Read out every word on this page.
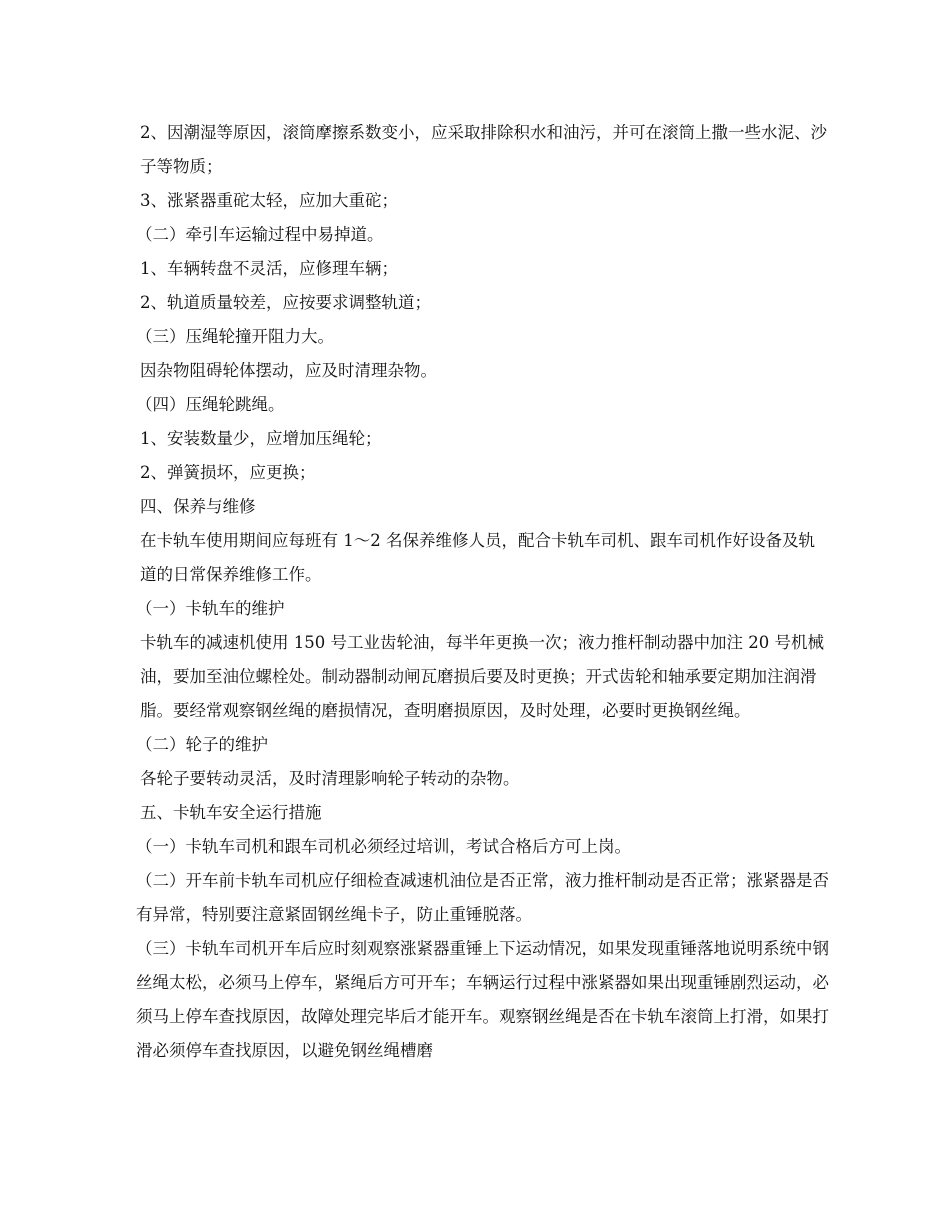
2、因潮湿等原因，滚筒摩擦系数变小，应采取排除积水和油污，并可在滚筒上撒一些水泥、沙子等物质；

3、涨紧器重砣太轻，应加大重砣；

（二）牵引车运输过程中易掉道。

1、车辆转盘不灵活，应修理车辆；

2、轨道质量较差，应按要求调整轨道；

（三）压绳轮撞开阻力大。

因杂物阻碍轮体摆动，应及时清理杂物。

（四）压绳轮跳绳。

1、安装数量少，应增加压绳轮；

2、弹簧损坏，应更换；

四、保养与维修

在卡轨车使用期间应每班有 1～2 名保养维修人员，配合卡轨车司机、跟车司机作好设备及轨道的日常保养维修工作。

（一）卡轨车的维护

卡轨车的减速机使用 150 号工业齿轮油，每半年更换一次；液力推杆制动器中加注 20 号机械油，要加至油位螺栓处。制动器制动闸瓦磨损后要及时更换；开式齿轮和轴承要定期加注润滑脂。要经常观察钢丝绳的磨损情况，查明磨损原因，及时处理，必要时更换钢丝绳。

（二）轮子的维护

各轮子要转动灵活，及时清理影响轮子转动的杂物。

五、卡轨车安全运行措施

（一）卡轨车司机和跟车司机必须经过培训，考试合格后方可上岗。

（二）开车前卡轨车司机应仔细检查减速机油位是否正常，液力推杆制动是否正常；涨紧器是否有异常，特别要注意紧固钢丝绳卡子，防止重锤脱落。

（三）卡轨车司机开车后应时刻观察涨紧器重锤上下运动情况，如果发现重锤落地说明系统中钢丝绳太松，必须马上停车，紧绳后方可开车；车辆运行过程中涨紧器如果出现重锤剧烈运动，必须马上停车查找原因，故障处理完毕后才能开车。观察钢丝绳是否在卡轨车滚筒上打滑，如果打滑必须停车查找原因，以避免钢丝绳槽磨
